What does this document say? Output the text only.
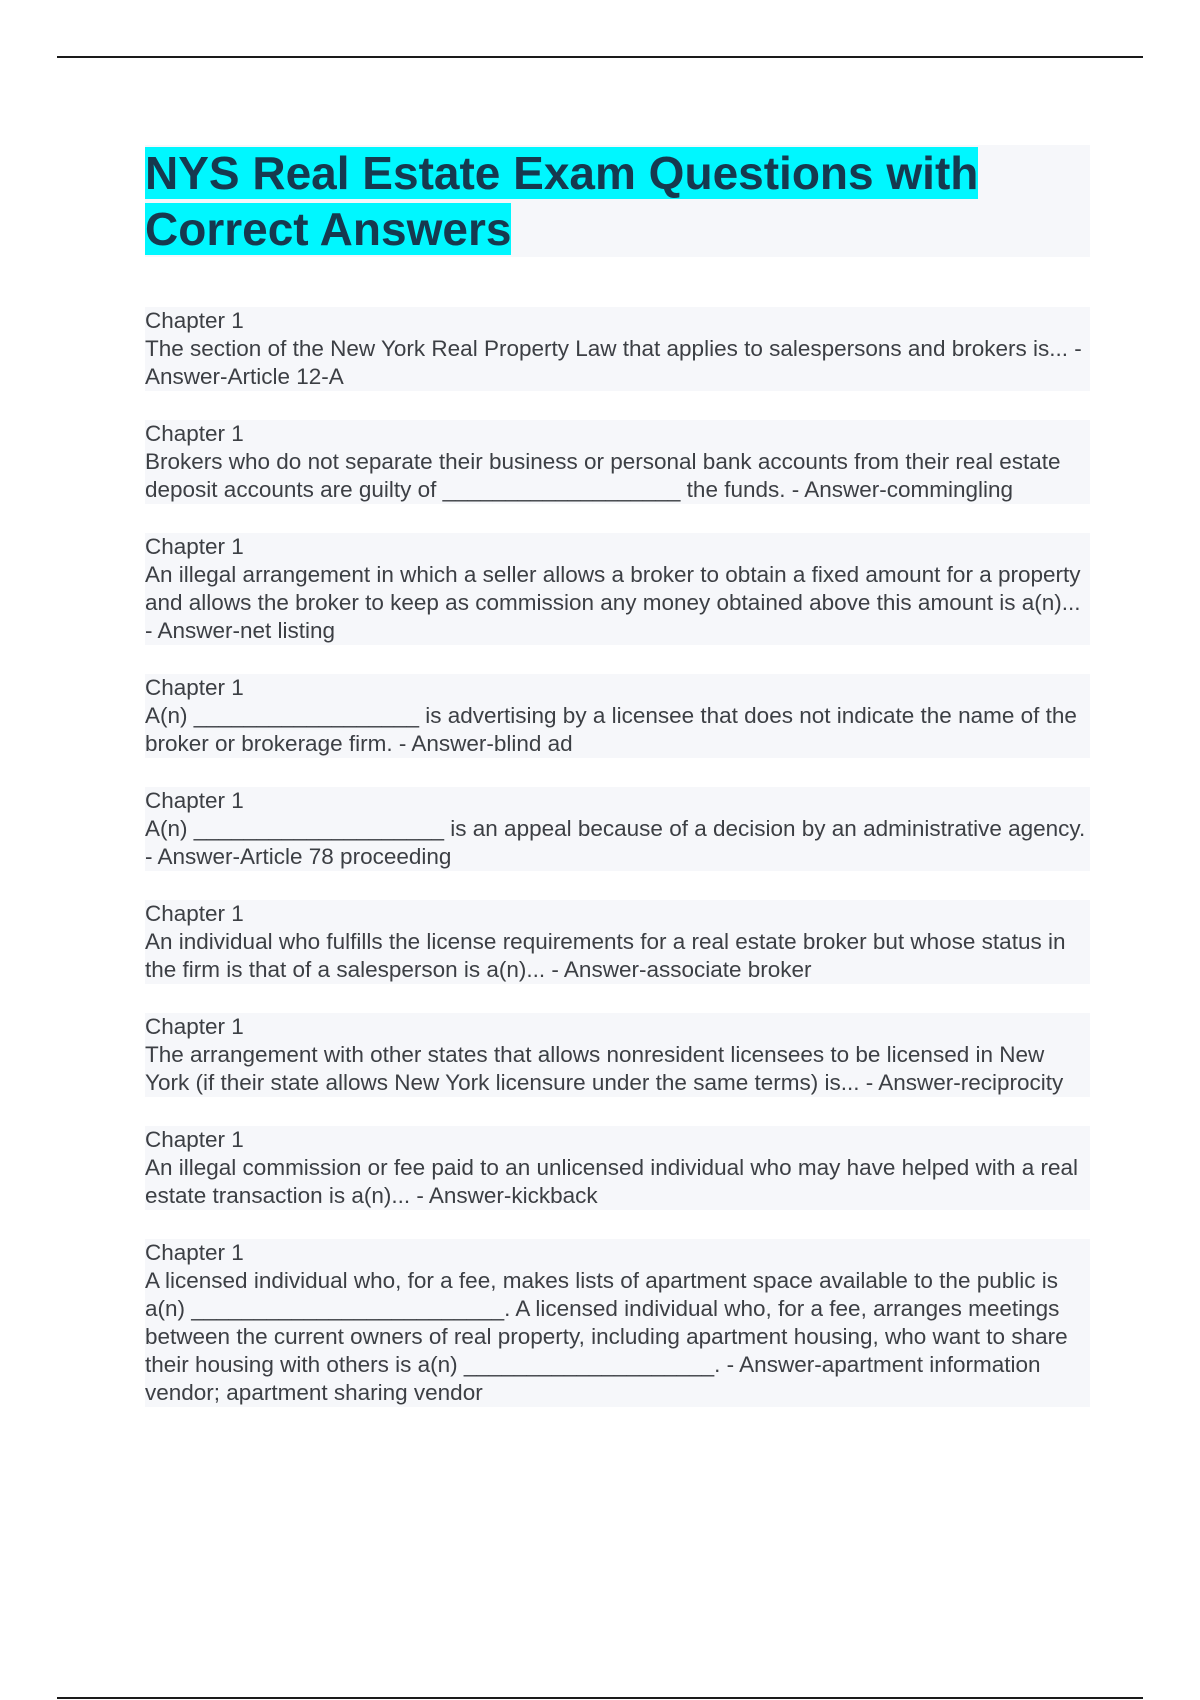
NYS Real Estate Exam Questions with Correct Answers
Chapter 1

The section of the New York Real Property Law that applies to salespersons and brokers is... - Answer-Article 12-A

Chapter 1

Brokers who do not separate their business or personal bank accounts from their real estate deposit accounts are guilty of ___________________ the funds. - Answer-commingling

Chapter 1

An illegal arrangement in which a seller allows a broker to obtain a fixed amount for a property and allows the broker to keep as commission any money obtained above this amount is a(n)... - Answer-net listing

Chapter 1

A(n) __________________ is advertising by a licensee that does not indicate the name of the broker or brokerage firm. - Answer-blind ad

Chapter 1

A(n) ____________________ is an appeal because of a decision by an administrative agency. - Answer-Article 78 proceeding

Chapter 1

An individual who fulfills the license requirements for a real estate broker but whose status in the firm is that of a salesperson is a(n)... - Answer-associate broker

Chapter 1

The arrangement with other states that allows nonresident licensees to be licensed in New York (if their state allows New York licensure under the same terms) is... - Answer-reciprocity

Chapter 1

An illegal commission or fee paid to an unlicensed individual who may have helped with a real estate transaction is a(n)... - Answer-kickback

Chapter 1

A licensed individual who, for a fee, makes lists of apartment space available to the public is a(n) _________________________. A licensed individual who, for a fee, arranges meetings between the current owners of real property, including apartment housing, who want to share their housing with others is a(n) ____________________. - Answer-apartment information vendor; apartment sharing vendor
